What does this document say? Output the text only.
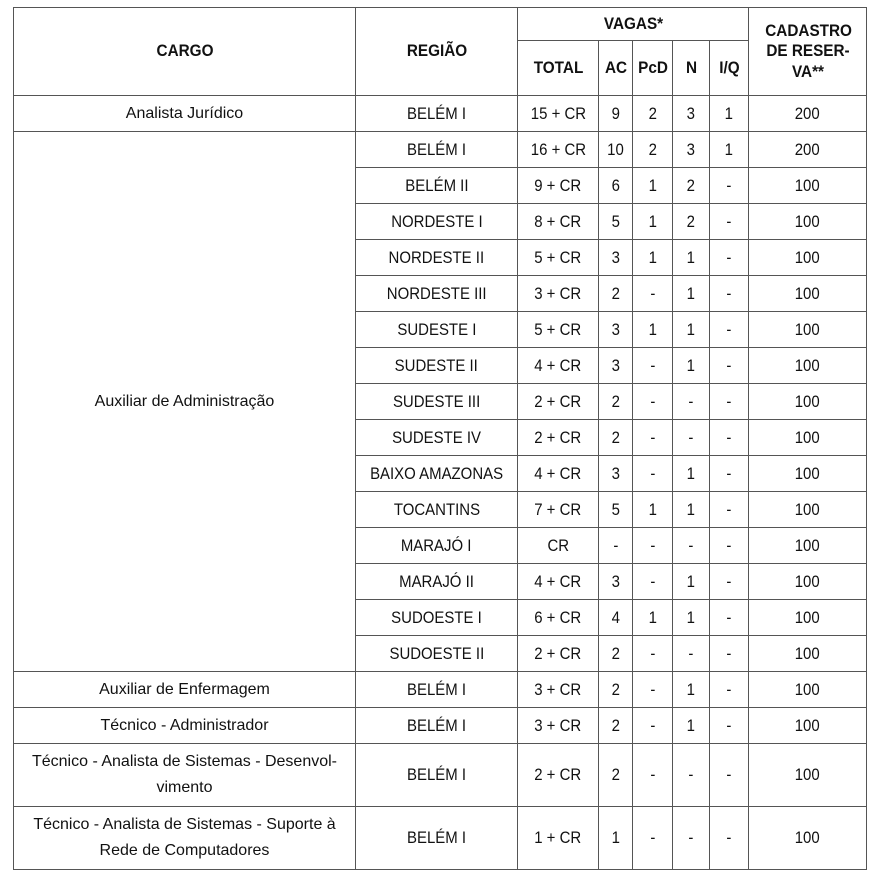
CARGO	REGIÃO	VAGAS*					CADASTRO DE RESER-VA**
		TOTAL	AC	PcD	N	I/Q	
Analista Jurídico	BELÉM I	15 + CR	9	2	3	1	200
Auxiliar de Administração	BELÉM I	16 + CR	10	2	3	1	200
	BELÉM II	9 + CR	6	1	2	-	100
	NORDESTE I	8 + CR	5	1	2	-	100
	NORDESTE II	5 + CR	3	1	1	-	100
	NORDESTE III	3 + CR	2	-	1	-	100
	SUDESTE I	5 + CR	3	1	1	-	100
	SUDESTE II	4 + CR	3	-	1	-	100
	SUDESTE III	2 + CR	2	-	-	-	100
	SUDESTE IV	2 + CR	2	-	-	-	100
	BAIXO AMAZONAS	4 + CR	3	-	1	-	100
	TOCANTINS	7 + CR	5	1	1	-	100
	MARAJÓ I	CR	-	-	-	-	100
	MARAJÓ II	4 + CR	3	-	1	-	100
	SUDOESTE I	6 + CR	4	1	1	-	100
	SUDOESTE II	2 + CR	2	-	-	-	100
Auxiliar de Enfermagem	BELÉM I	3 + CR	2	-	1	-	100
Técnico - Administrador	BELÉM I	3 + CR	2	-	1	-	100
Técnico - Analista de Sistemas - Desenvol-vimento	BELÉM I	2 + CR	2	-	-	-	100
Técnico - Analista de Sistemas - Suporte à Rede de Computadores	BELÉM I	1 + CR	1	-	-	-	100
